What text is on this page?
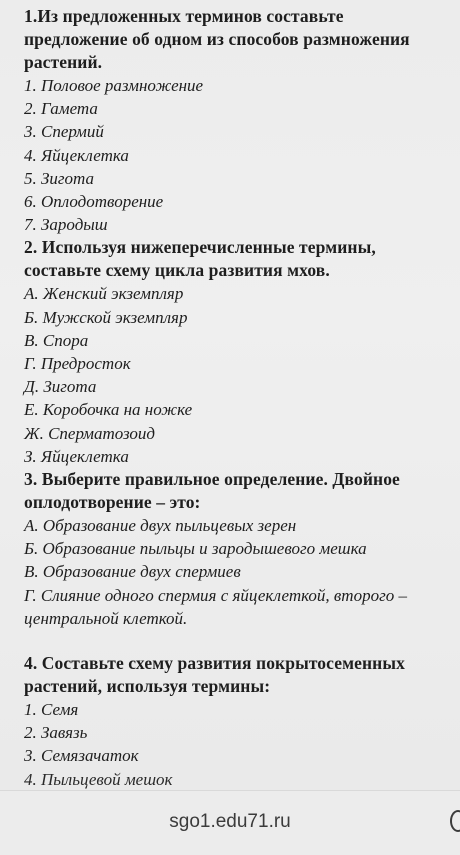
1.Из предложенных терминов составьте
предложение об одном из способов размножения
растений.

1. Половое размножение

2. Гамета

3. Спермий

4. Яйцеклетка

5. Зигота

6. Оплодотворение

7. Зародыш

2. Используя нижеперечисленные термины,
составьте схему цикла развития мхов.

А. Женский экземпляр

Б. Мужской экземпляр

В. Спора

Г. Предросток

Д. Зигота

Е. Коробочка на ножке

Ж. Сперматозоид

З. Яйцеклетка

3. Выберите правильное определение. Двойное
оплодотворение – это:

А. Образование двух пыльцевых зерен

Б. Образование пыльцы и зародышевого мешка

В. Образование двух спермиев

Г. Слияние одного спермия с яйцеклеткой, второго –
центральной клеткой.

4. Составьте схему развития покрытосеменных
растений, используя термины:

1. Семя

2. Завязь

3. Семязачаток

4. Пыльцевой мешок
sgo1.edu71.ru
